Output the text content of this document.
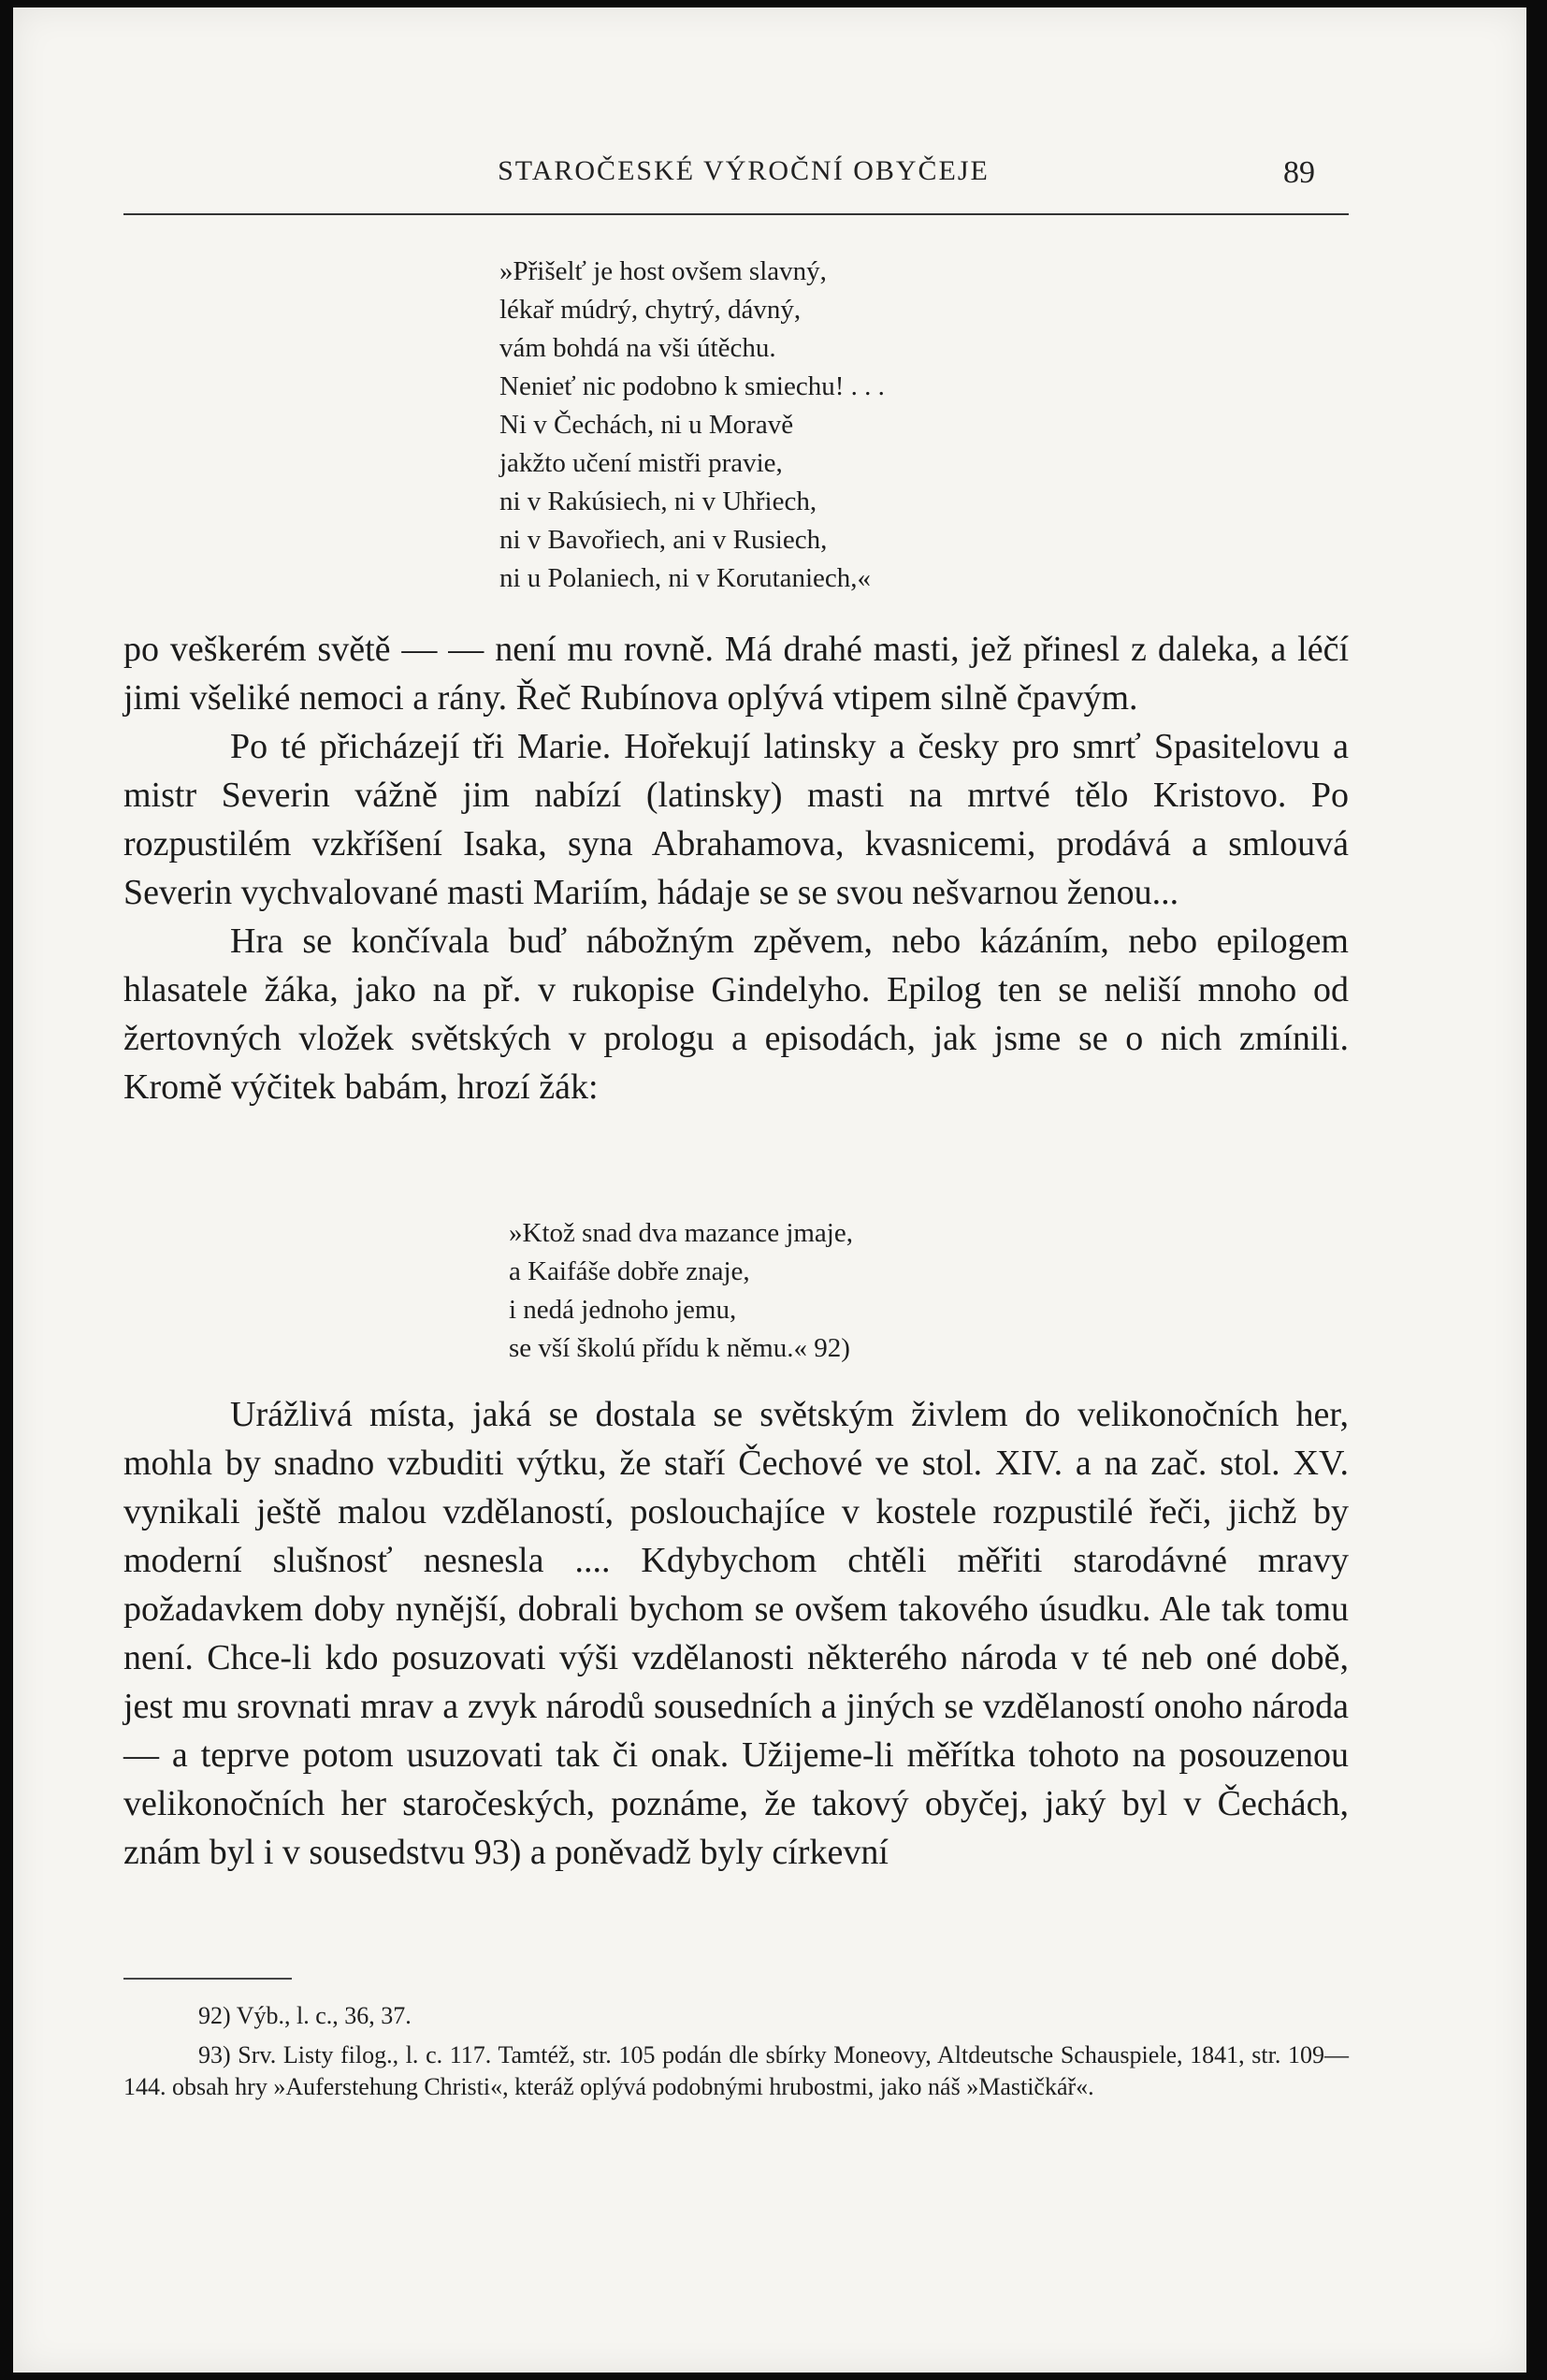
STAROČESKÉ VÝROČNÍ OBYČEJE	89
»Přišelť je host ovšem slavný,
lékař múdrý, chytrý, dávný,
vám bohdá na vši útěchu.
Nenieť nic podobno k smiechu! . . .
Ni v Čechách, ni u Moravě
jakžto učení mistři pravie,
ni v Rakúsiech, ni v Uhřiech,
ni v Bavořiech, ani v Rusiech,
ni u Polaniech, ni v Korutaniech,«

po veškerém světě — — není mu rovně. Má drahé masti, jež přinesl z daleka, a léčí jimi všeliké nemoci a rány. Řeč Rubínova oplývá vtipem silně čpavým.

Po té přicházejí tři Marie. Hořekují latinsky a česky pro smrť Spasitelovu a mistr Severin vážně jim nabízí (latinsky) masti na mrtvé tělo Kristovo. Po rozpustilém vzkříšení Isaka, syna Abrahamova, kvasnicemi, prodává a smlouvá Severin vychvalované masti Mariím, hádaje se se svou nešvarnou ženou...

Hra se končívala buď nábožným zpěvem, nebo kázáním, nebo epilogem hlasatele žáka, jako na př. v rukopise Gindelyho. Epilog ten se neliší mnoho od žertovných vložek světských v prologu a episodách, jak jsme se o nich zmínili. Kromě výčitek babám, hrozí žák:

»Ktož snad dva mazance jmaje,
a Kaifáše dobře znaje,
i nedá jednoho jemu,
se vší školú přídu k němu.« 92)

Urážlivá místa, jaká se dostala se světským živlem do velikonočních her, mohla by snadno vzbuditi výtku, že staří Čechové ve stol. XIV. a na zač. stol. XV. vynikali ještě malou vzdělaností, poslouchajíce v kostele rozpustilé řeči, jichž by moderní slušnosť nesnesla .... Kdybychom chtěli měřiti starodávné mravy požadavkem doby nynější, dobrali bychom se ovšem takového úsudku. Ale tak tomu není. Chce-li kdo posuzovati výši vzdělanosti některého národa v té neb oné době, jest mu srovnati mrav a zvyk národů sousedních a jiných se vzdělaností onoho národa — a teprve potom usuzovati tak či onak. Užijeme-li měřítka tohoto na posouzenou velikonočních her staročeských, poznáme, že takový obyčej, jaký byl v Čechách, znám byl i v sousedstvu 93) a poněvadž byly církevní

92) Výb., l. c., 36, 37.

93) Srv. Listy filog., l. c. 117. Tamtéž, str. 105 podán dle sbírky Moneovy, Altdeutsche Schauspiele, 1841, str. 109—144. obsah hry »Auferstehung Christi«, kteráž oplývá podobnými hrubostmi, jako náš »Mastičkář«.
